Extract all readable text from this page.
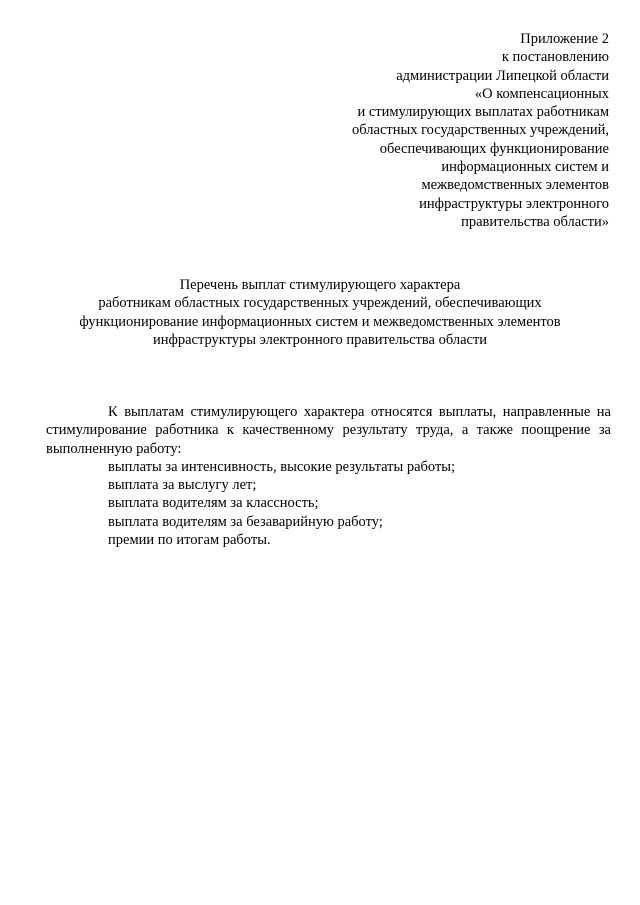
Приложение 2
к постановлению
администрации Липецкой области
«О компенсационных
и стимулирующих выплатах работникам
областных государственных учреждений,
обеспечивающих функционирование
информационных систем и
межведомственных элементов
инфраструктуры электронного
правительства области»
Перечень выплат стимулирующего характера
работникам областных государственных учреждений, обеспечивающих
функционирование информационных систем и межведомственных элементов
инфраструктуры электронного правительства области

К выплатам стимулирующего характера относятся выплаты, направленные на стимулирование работника к качественному результату труда, а также поощрение за выполненную работу:

выплаты за интенсивность, высокие результаты работы;
выплата за выслугу лет;
выплата водителям за классность;
выплата водителям за безаварийную работу;
премии по итогам работы.
